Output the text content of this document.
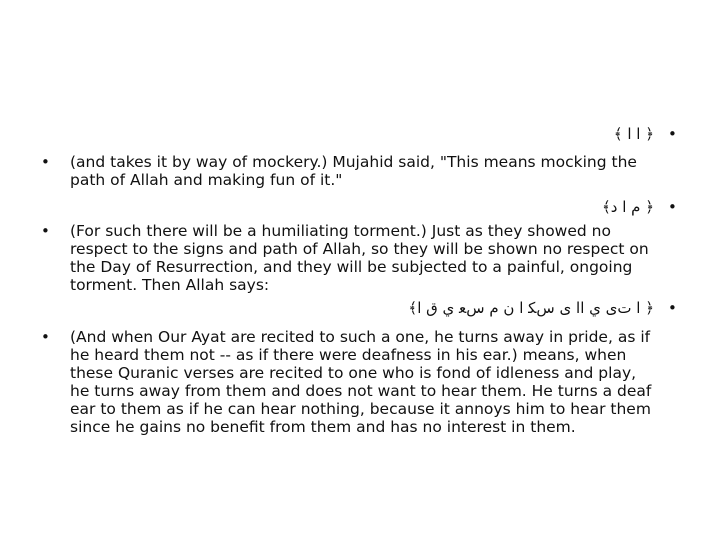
•
﴿ ا ا ﴾
• (and takes it by way of mockery.) Mujahid said, "This means mocking the
path of Allah and making fun of it."
•
﴿ م ا ﺩ﴾
• (For such there will be a humiliating torment.) Just as they showed no
respect to the signs and path of Allah, so they will be shown no respect on
the Day of Resurrection, and they will be subjected to a painful, ongoing
torment. Then Allah says:
•
﴿ ﺍ ﺕﻯ ﻱ ﺍﺍ ﻯ ﺱﻜ ﺍ ﻥ ﻡ ﺱﻌ ﻱ ﻕ ﺍ﴾
• (And when Our Ayat are recited to such a one, he turns away in pride, as if
he heard them not -- as if there were deafness in his ear.) means, when
these Quranic verses are recited to one who is fond of idleness and play,
he turns away from them and does not want to hear them. He turns a deaf
ear to them as if he can hear nothing, because it annoys him to hear them
since he gains no benefit from them and has no interest in them.
